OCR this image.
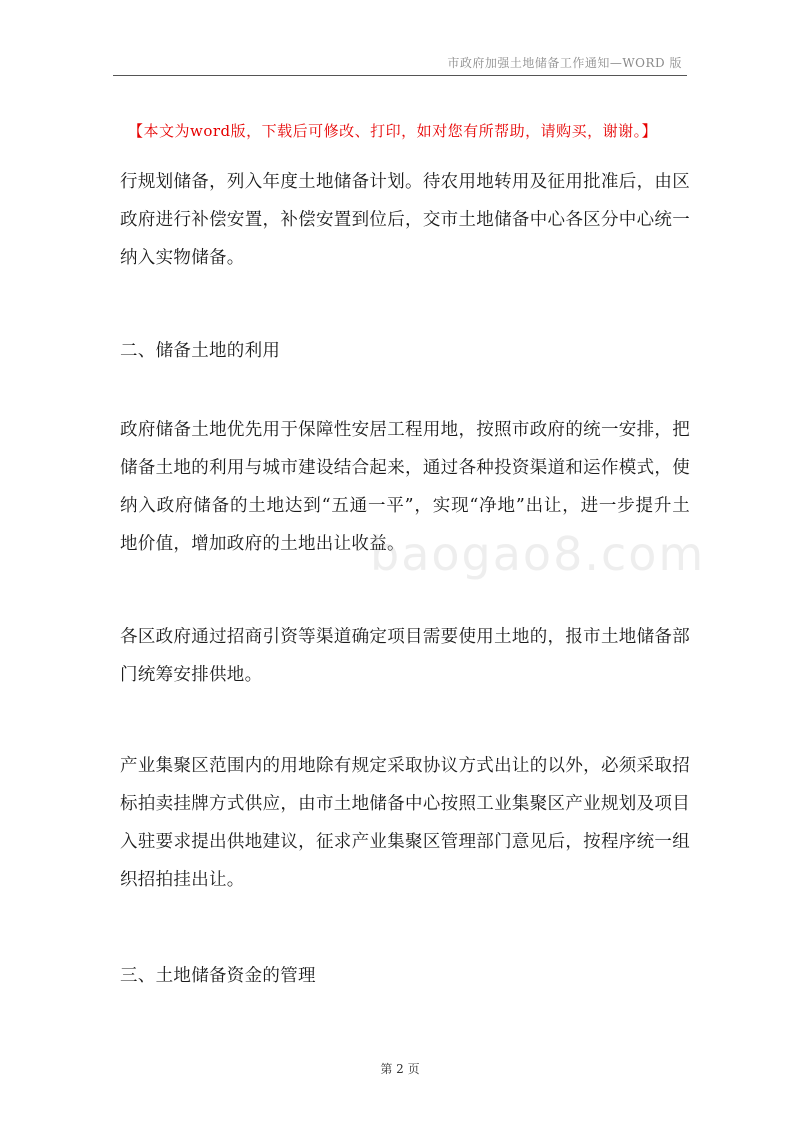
市政府加强土地储备工作通知—WORD 版
【本文为word版，下载后可修改、打印，如对您有所帮助，请购买，谢谢。】

行规划储备，列入年度土地储备计划。待农用地转用及征用批准后，由区政府进行补偿安置，补偿安置到位后，交市土地储备中心各区分中心统一纳入实物储备。

二、储备土地的利用

政府储备土地优先用于保障性安居工程用地，按照市政府的统一安排，把储备土地的利用与城市建设结合起来，通过各种投资渠道和运作模式，使纳入政府储备的土地达到“五通一平”，实现“净地”出让，进一步提升土地价值，增加政府的土地出让收益。

各区政府通过招商引资等渠道确定项目需要使用土地的，报市土地储备部门统筹安排供地。

产业集聚区范围内的用地除有规定采取协议方式出让的以外，必须采取招标拍卖挂牌方式供应，由市土地储备中心按照工业集聚区产业规划及项目入驻要求提出供地建议，征求产业集聚区管理部门意见后，按程序统一组织招拍挂出让。

三、土地储备资金的管理

baogao8.com
第 2 页
